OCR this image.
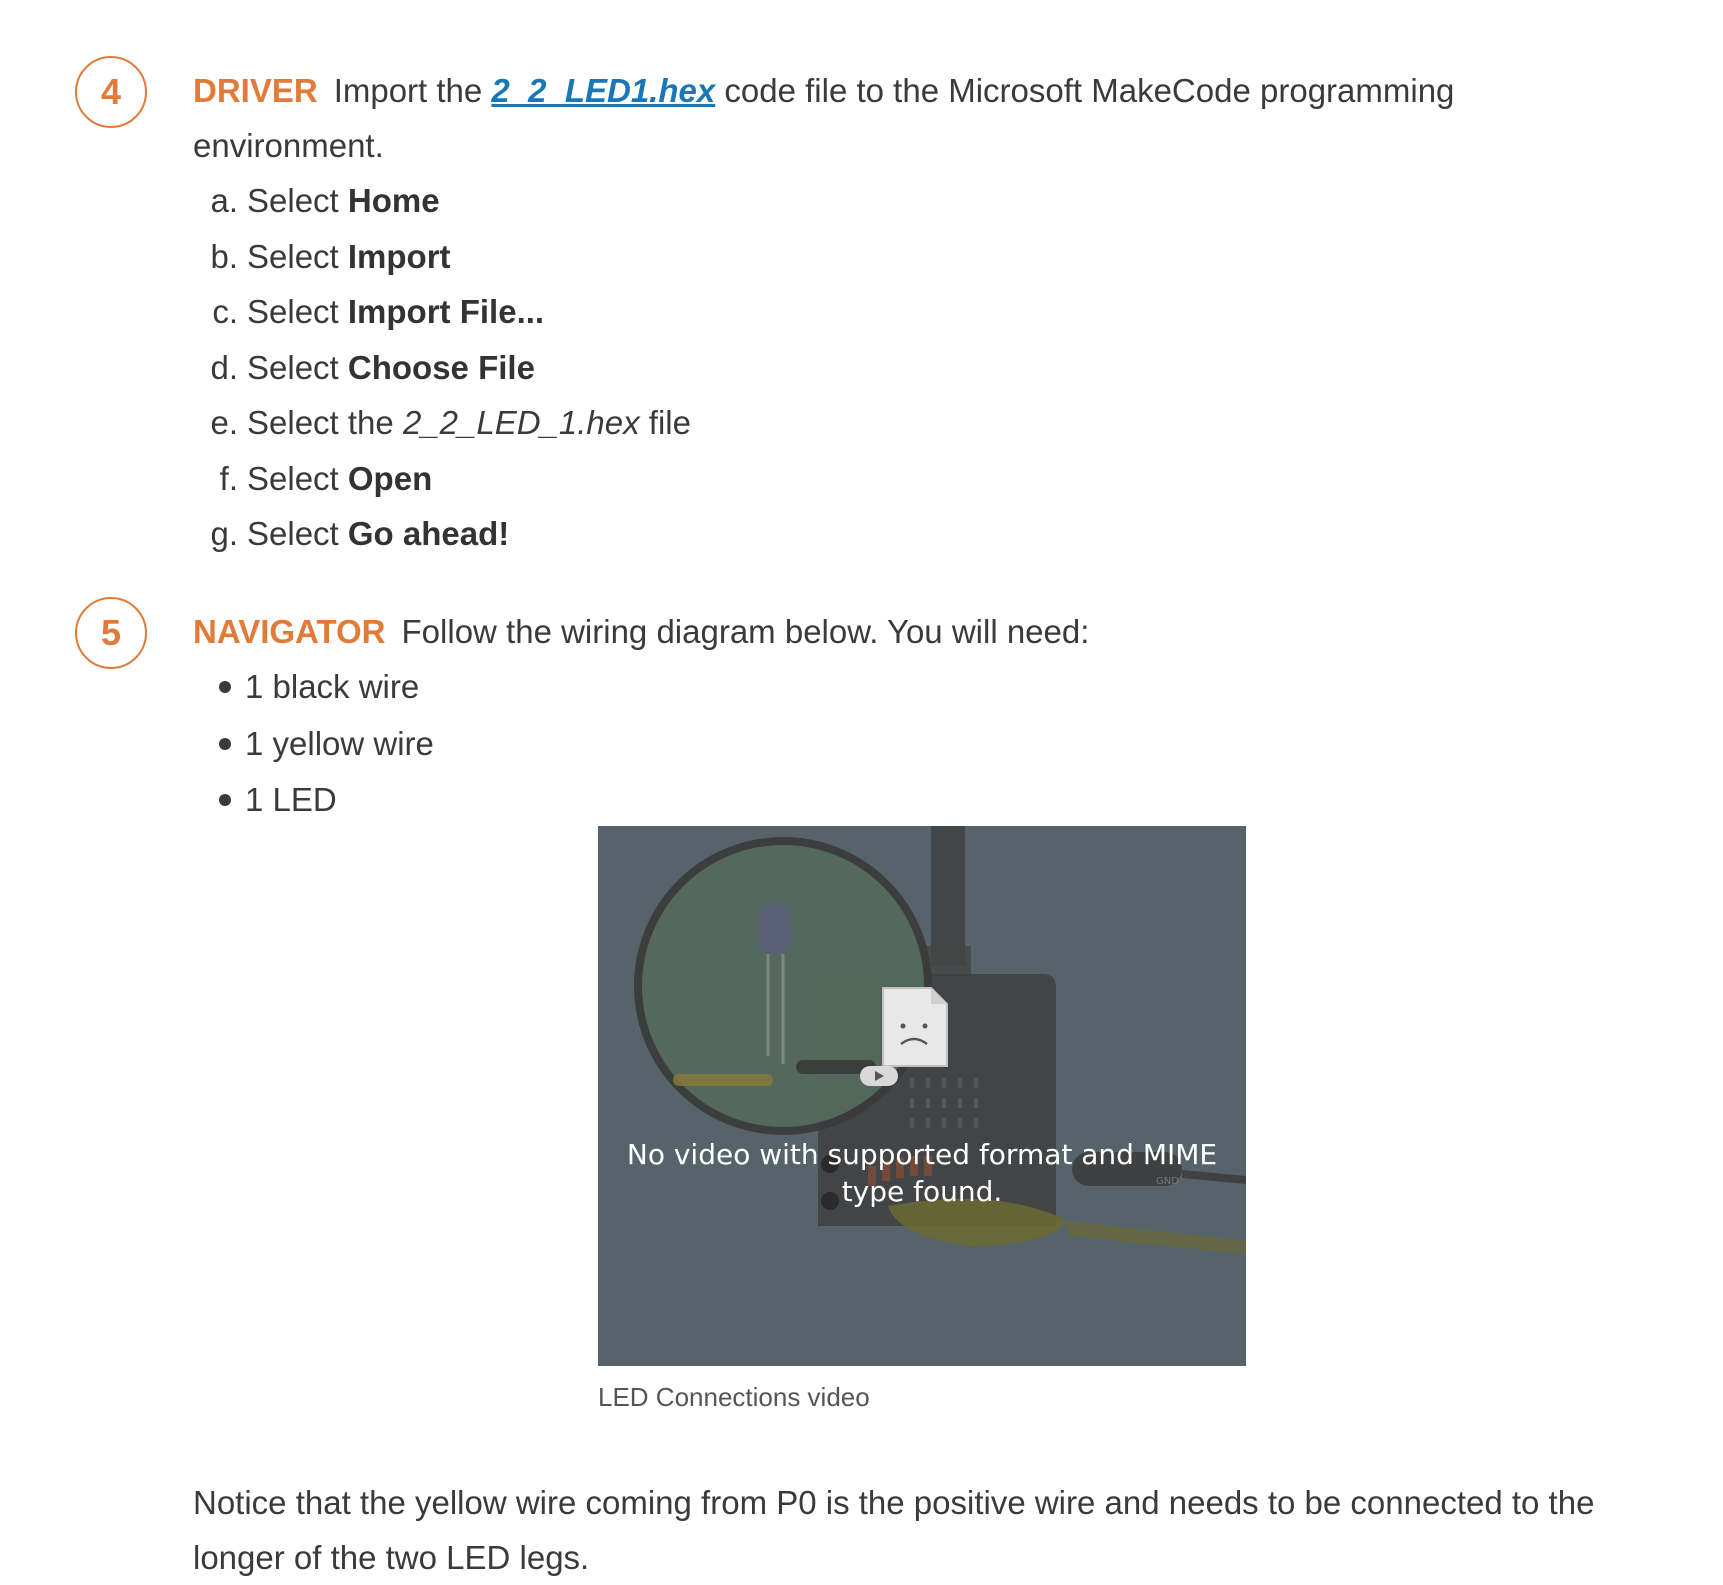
4	DRIVER Import the 2_2_LED1.hex code file to the Microsoft MakeCode programming environment.
a. Select Home
b. Select Import
c. Select Import File...
d. Select Choose File
e. Select the 2_2_LED_1.hex file
f. Select Open
g. Select Go ahead!
5	NAVIGATOR Follow the wiring diagram below. You will need:
1 black wire
1 yellow wire
1 LED
GND
No video with supported format and MIME type found.
LED Connections video
Notice that the yellow wire coming from P0 is the positive wire and needs to be connected to the longer of the two LED legs.
